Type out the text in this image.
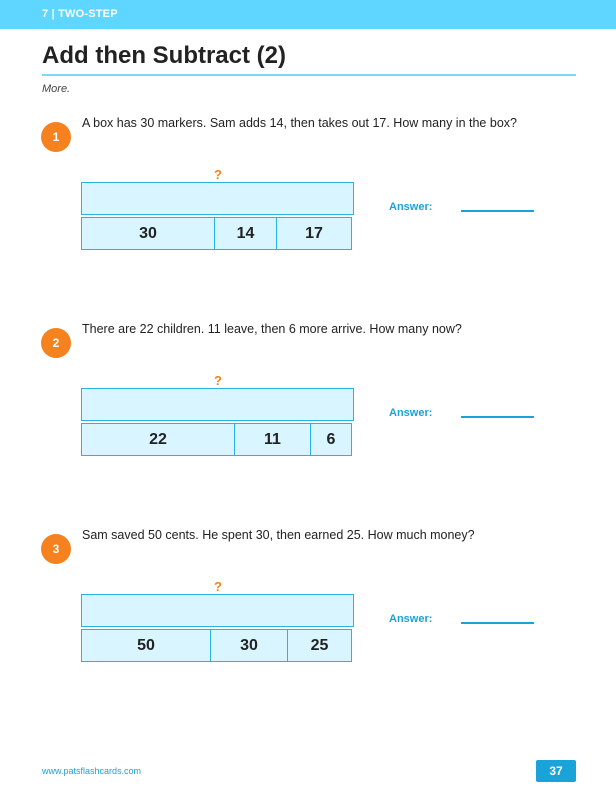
7 | TWO-STEP
Add then Subtract (2)
More.
1
A box has 30 markers. Sam adds 14, then takes out 17. How many in the box?
?
30	14	17
Answer:
2
There are 22 children. 11 leave, then 6 more arrive. How many now?
?
22	11	6
Answer:
3
Sam saved 50 cents. He spent 30, then earned 25. How much money?
?
50	30	25
Answer:
www.patsflashcards.com	37
